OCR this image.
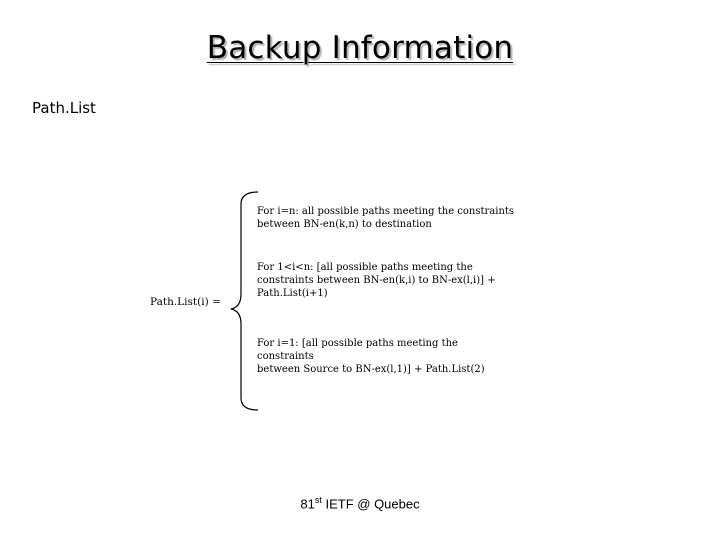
Backup Information
Path.List
Path.List(i) =
For i=n: all possible paths meeting the constraints
between BN-en(k,n) to destination
For 1<i<n: [all possible paths meeting the
constraints between BN-en(k,i) to BN-ex(l,i)] +
Path.List(i+1)
For i=1: [all possible paths meeting the constraints
between Source to BN-ex(l,1)] + Path.List(2)
81st IETF @ Quebec
